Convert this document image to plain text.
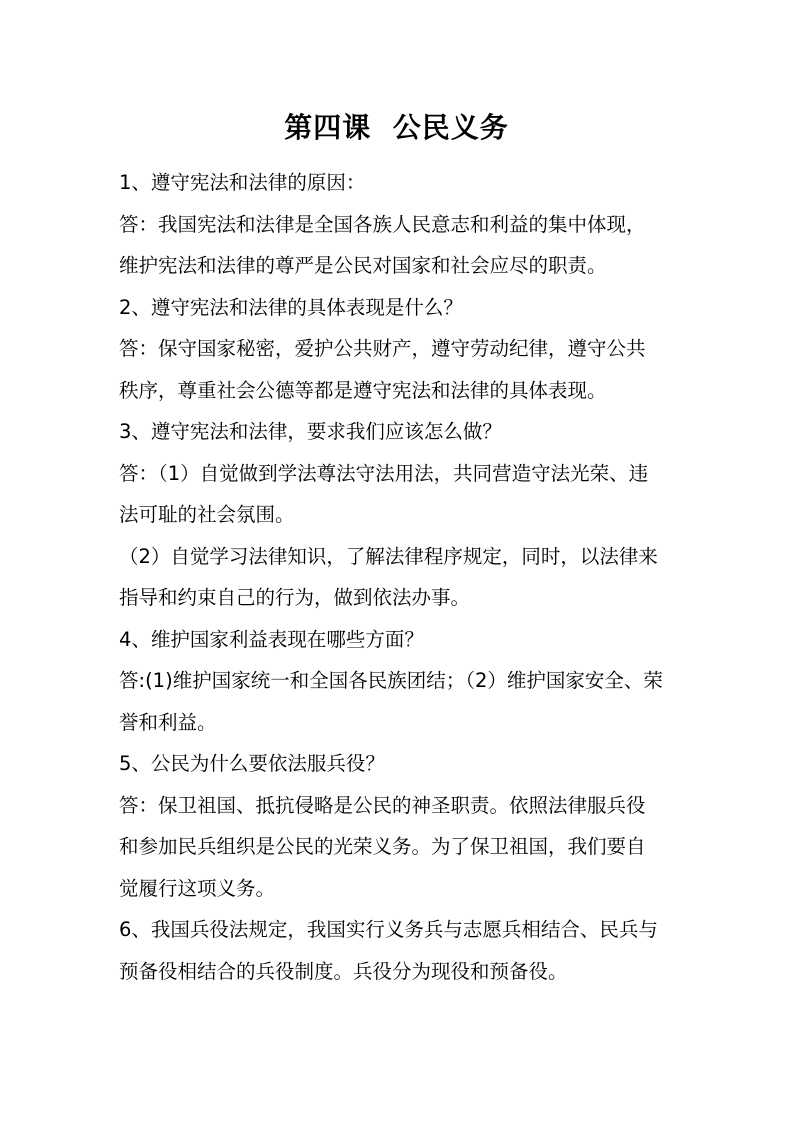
第四课  公民义务

1、遵守宪法和法律的原因：

答：我国宪法和法律是全国各族人民意志和利益的集中体现，维护宪法和法律的尊严是公民对国家和社会应尽的职责。

2、遵守宪法和法律的具体表现是什么？

答：保守国家秘密，爱护公共财产，遵守劳动纪律，遵守公共秩序，尊重社会公德等都是遵守宪法和法律的具体表现。

3、遵守宪法和法律，要求我们应该怎么做？

答：（1）自觉做到学法尊法守法用法，共同营造守法光荣、违法可耻的社会氛围。

（2）自觉学习法律知识，了解法律程序规定，同时，以法律来指导和约束自己的行为，做到依法办事。

4、维护国家利益表现在哪些方面？

答:(1)维护国家统一和全国各民族团结；（2）维护国家安全、荣誉和利益。

5、公民为什么要依法服兵役？

答：保卫祖国、抵抗侵略是公民的神圣职责。依照法律服兵役和参加民兵组织是公民的光荣义务。为了保卫祖国，我们要自觉履行这项义务。

6、我国兵役法规定，我国实行义务兵与志愿兵相结合、民兵与预备役相结合的兵役制度。兵役分为现役和预备役。
